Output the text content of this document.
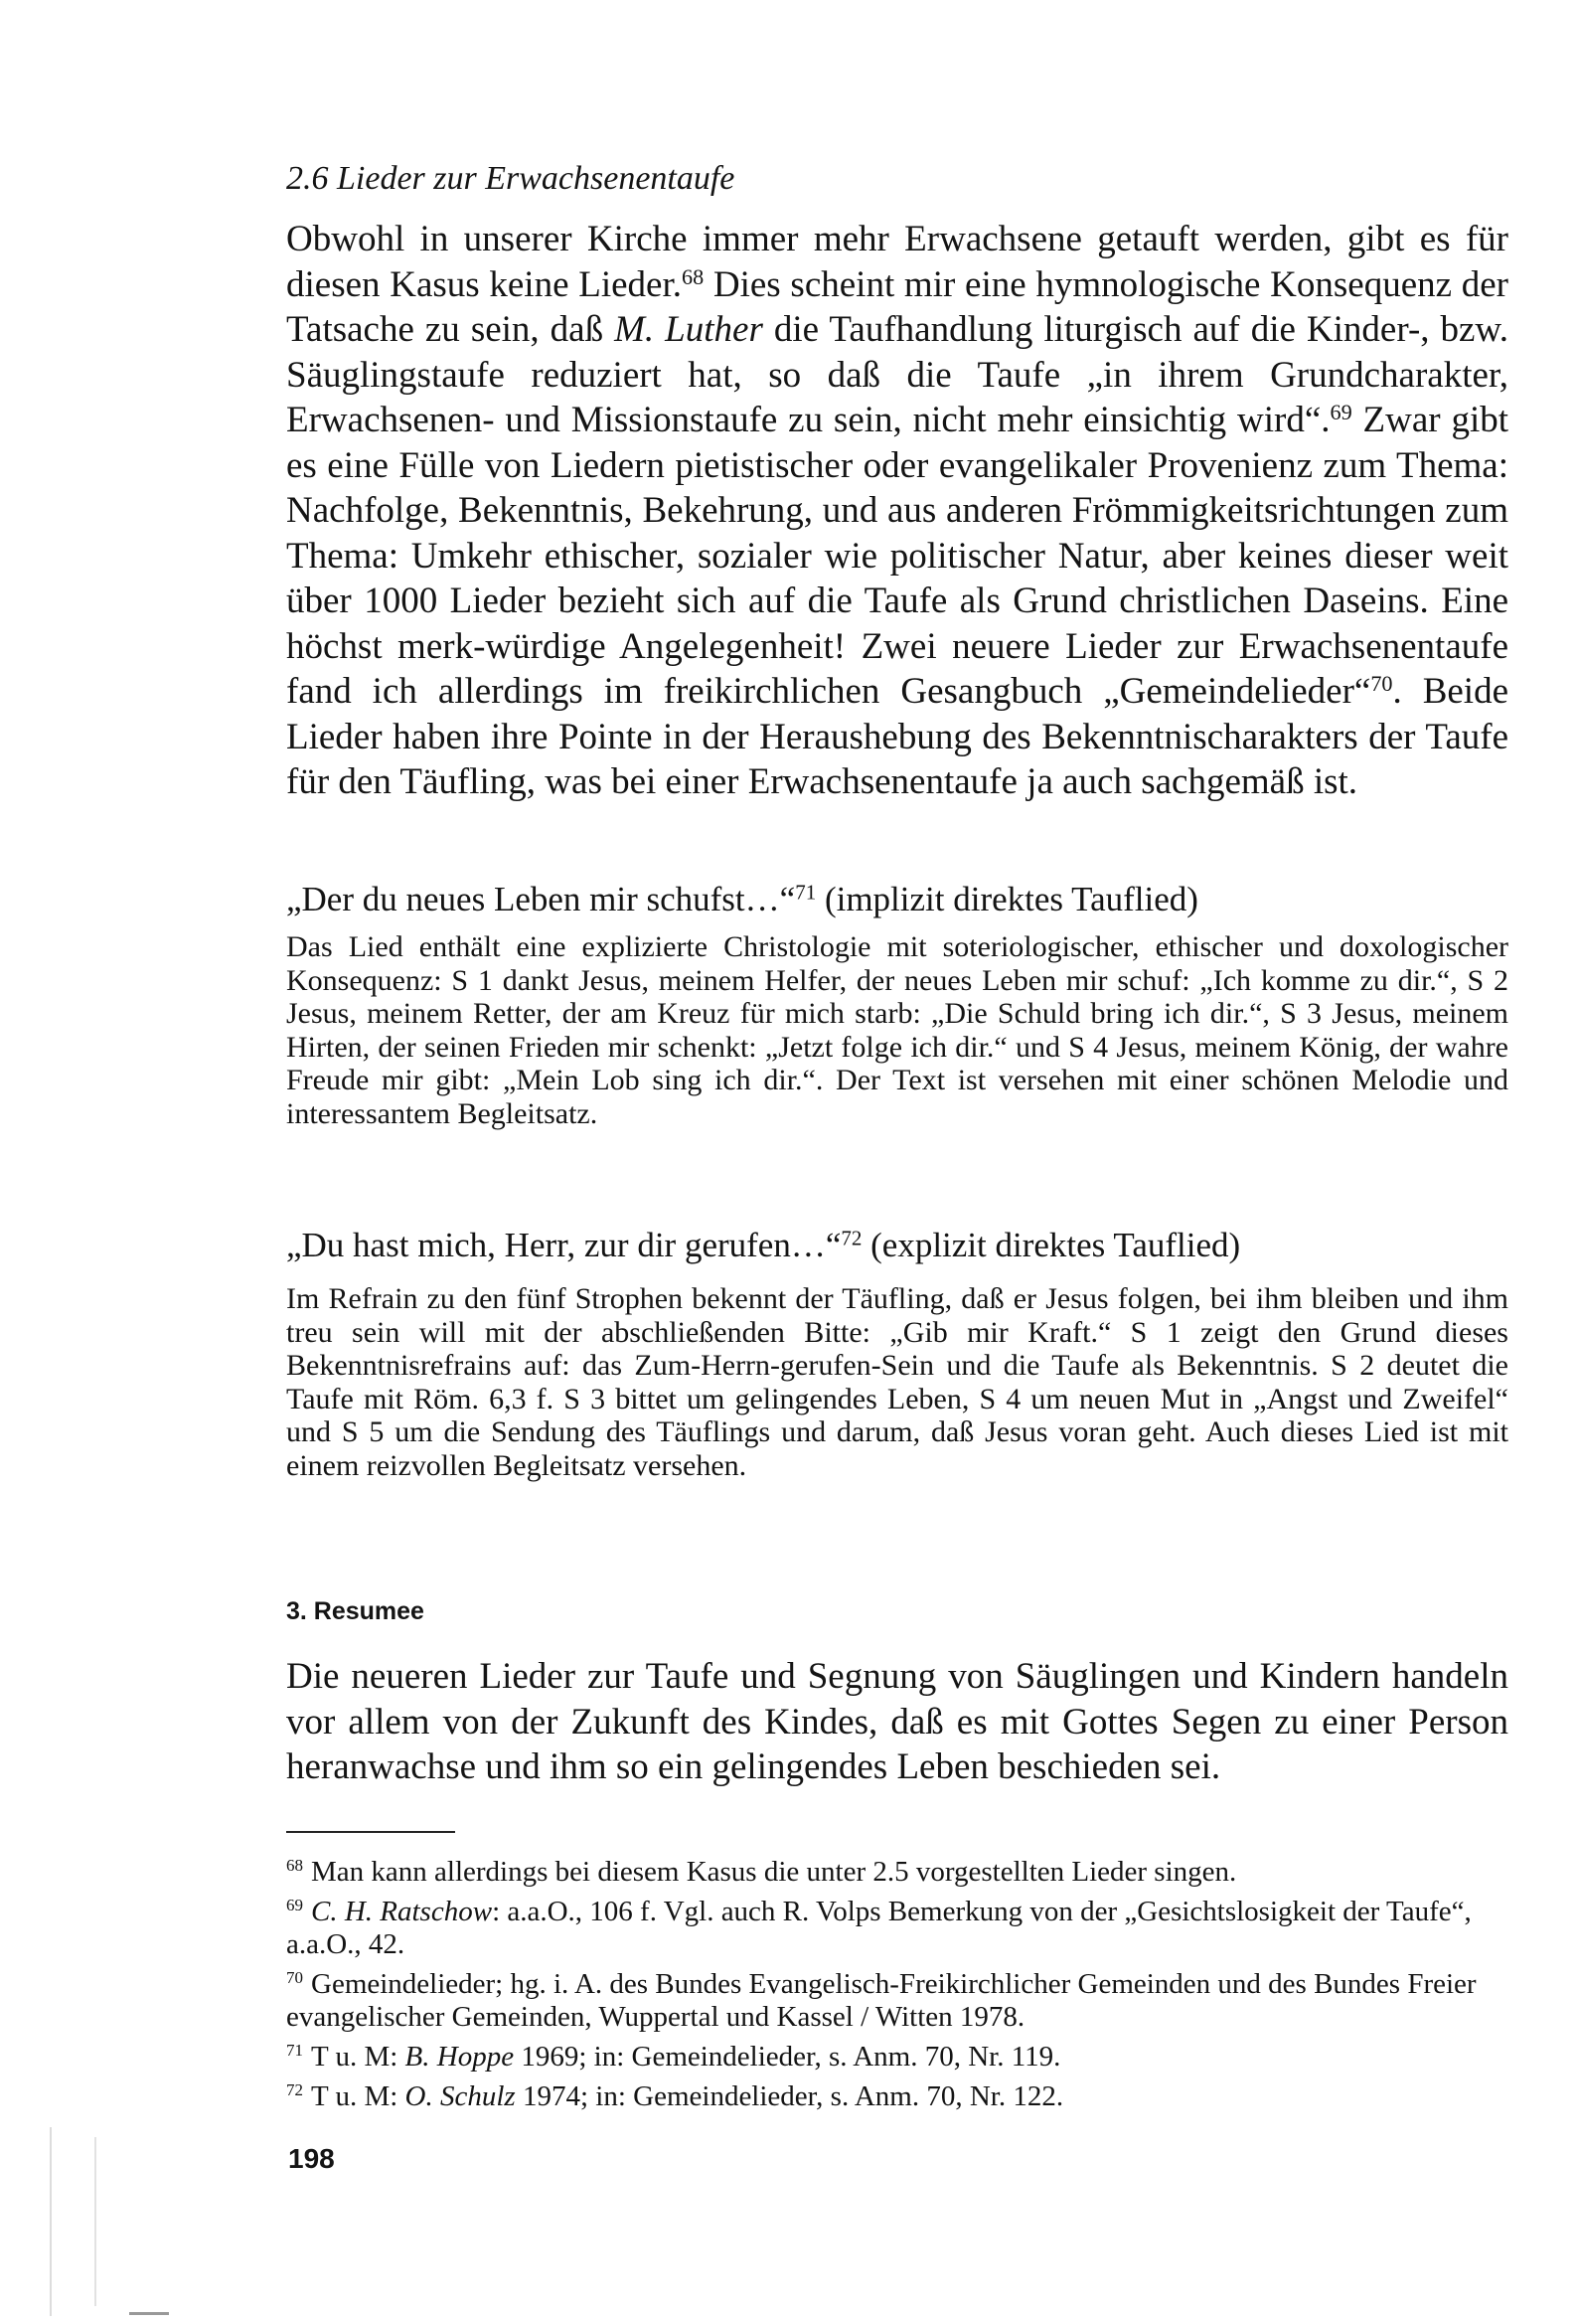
2.6 Lieder zur Erwachsenentaufe

Obwohl in unserer Kirche immer mehr Erwachsene getauft werden, gibt es für diesen Kasus keine Lieder.$^{68}$ Dies scheint mir eine hymnologische Konsequenz der Tatsache zu sein, daß M. Luther die Taufhandlung liturgisch auf die Kinder-, bzw. Säuglingstaufe reduziert hat, so daß die Taufe „in ihrem Grundcharakter, Erwachsenen- und Missionstaufe zu sein, nicht mehr einsichtig wird“.$^{69}$ Zwar gibt es eine Fülle von Liedern pietistischer oder evangelikaler Provenienz zum Thema: Nachfolge, Bekenntnis, Bekehrung, und aus anderen Frömmigkeitsrichtungen zum Thema: Umkehr ethischer, sozialer wie politischer Natur, aber keines dieser weit über 1000 Lieder bezieht sich auf die Taufe als Grund christlichen Daseins. Eine höchst merk-würdige Angelegenheit! Zwei neuere Lieder zur Erwachsenentaufe fand ich allerdings im freikirchlichen Gesangbuch „Gemeindelieder“$^{70}$. Beide Lieder haben ihre Pointe in der Heraushebung des Bekenntnischarakters der Taufe für den Täufling, was bei einer Erwachsenentaufe ja auch sachgemäß ist.

„Der du neues Leben mir schufst…“$^{71}$ (implizit direktes Tauflied)

Das Lied enthält eine explizierte Christologie mit soteriologischer, ethischer und doxologischer Konsequenz: S 1 dankt Jesus, meinem Helfer, der neues Leben mir schuf: „Ich komme zu dir.“, S 2 Jesus, meinem Retter, der am Kreuz für mich starb: „Die Schuld bring ich dir.“, S 3 Jesus, meinem Hirten, der seinen Frieden mir schenkt: „Jetzt folge ich dir.“ und S 4 Jesus, meinem König, der wahre Freude mir gibt: „Mein Lob sing ich dir.“. Der Text ist versehen mit einer schönen Melodie und interessantem Begleitsatz.

„Du hast mich, Herr, zur dir gerufen…“$^{72}$ (explizit direktes Tauflied)

Im Refrain zu den fünf Strophen bekennt der Täufling, daß er Jesus folgen, bei ihm bleiben und ihm treu sein will mit der abschließenden Bitte: „Gib mir Kraft.“ S 1 zeigt den Grund dieses Bekenntnisrefrains auf: das Zum-Herrn-gerufen-Sein und die Taufe als Bekenntnis. S 2 deutet die Taufe mit Röm. 6,3 f. S 3 bittet um gelingendes Leben, S 4 um neuen Mut in „Angst und Zweifel“ und S 5 um die Sendung des Täuflings und darum, daß Jesus voran geht. Auch dieses Lied ist mit einem reizvollen Begleitsatz versehen.

3. Resumee

Die neueren Lieder zur Taufe und Segnung von Säuglingen und Kindern handeln vor allem von der Zukunft des Kindes, daß es mit Gottes Segen zu einer Person heranwachse und ihm so ein gelingendes Leben beschieden sei.

$^{68}$ Man kann allerdings bei diesem Kasus die unter 2.5 vorgestellten Lieder singen.

$^{69}$ C. H. Ratschow: a.a.O., 106 f. Vgl. auch R. Volps Bemerkung von der „Gesichtslosigkeit der Taufe“, a.a.O., 42.

$^{70}$ Gemeindelieder; hg. i. A. des Bundes Evangelisch-Freikirchlicher Gemeinden und des Bundes Freier evangelischer Gemeinden, Wuppertal und Kassel / Witten 1978.

$^{71}$ T u. M: B. Hoppe 1969; in: Gemeindelieder, s. Anm. 70, Nr. 119.

$^{72}$ T u. M: O. Schulz 1974; in: Gemeindelieder, s. Anm. 70, Nr. 122.

198
